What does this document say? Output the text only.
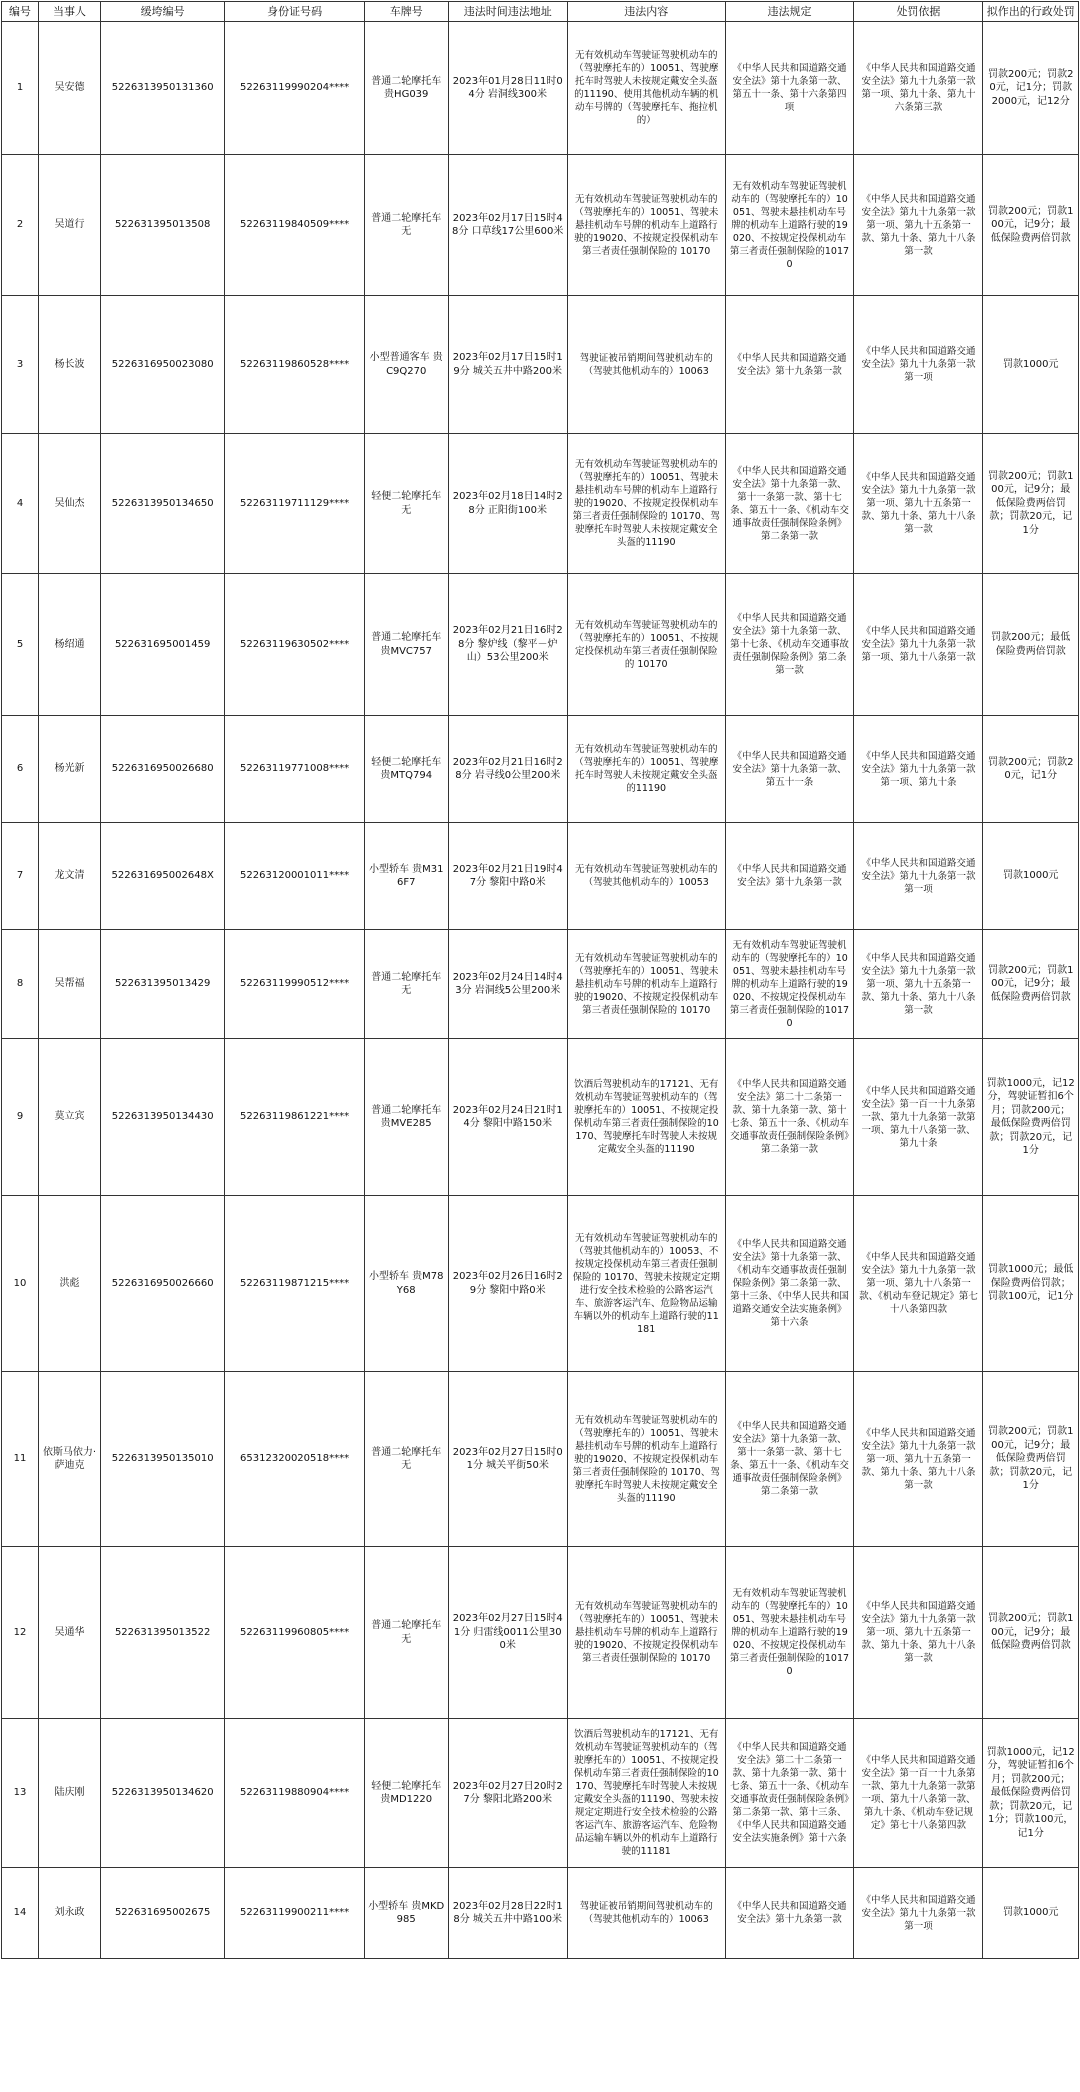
编号	当事人	缓垮编号	身份证号码	车牌号	违法时间违法地址	违法内容	违法规定	处罚依据	拟作出的行政处罚
1	吴安德	522631395013136​0	52263119990204****	普通二轮摩托车 贵HG039	2023年01月28日11时04分 岩洞线300米	无有效机动车驾驶证驾驶机动车的（驾驶摩托车的）10051、驾驶摩托车时驾驶人未按规定戴安全头盔的11190、使用其他机动车辆的机动车号牌的（驾驶摩托车、拖拉机的）	《中华人民共和国道路交通安全法》第十九条第一款、第五十一条、第十六条第四项	《中华人民共和国道路交通安全法》第九十九条第一款第一项、第九十条、第九十六条第三款	罚款200元；罚款20元，记1分；罚款2000元，记12分
2	吴道行	522631395013508	52263119840509****	普通二轮摩托车 无	2023年02月17日15时48分 口草线17公里600米	无有效机动车驾驶证驾驶机动车的（驾驶摩托车的）10051、驾驶未悬挂机动车号牌的机动车上道路行驶的19020、不按规定投保机动车第三者责任强制保险的 10170	无有效机动车驾驶证驾驶机动车的（驾驶摩托车的）10051、驾驶未悬挂机动车号牌的机动车上道路行驶的19020、不按规定投保机动车第三者责任强制保险的10170	《中华人民共和国道路交通安全法》第九十九条第一款第一项、第九十五条第一款、第九十条、第九十八条第一款	罚款200元；罚款100元，记9分；最低保险费两倍罚款
3	杨长波	522631695002308​0	52263119860528****	小型普通客车 贵C9Q270	2023年02月17日15时19分 城关五井中路200米	驾驶证被吊销期间驾驶机动车的（驾驶其他机动车的）10063	《中华人民共和国道路交通安全法》第十九条第一款	《中华人民共和国道路交通安全法》第九十九条第一款第一项	罚款1000元
4	吴仙杰	522631395013465​0	52263119711129****	轻便二轮摩托车 无	2023年02月18日14时28分 正阳街100米	无有效机动车驾驶证驾驶机动车的（驾驶摩托车的）10051、驾驶未悬挂机动车号牌的机动车上道路行驶的19020、不按规定投保机动车第三者责任强制保险的 10170、驾驶摩托车时驾驶人未按规定戴安全头盔的11190	《中华人民共和国道路交通安全法》第十九条第一款、第十一条第一款、第十七条、第五十一条、《机动车交通事故责任强制保险条例》第二条第一款	《中华人民共和国道路交通安全法》第九十九条第一款第一项、第九十五条第一款、第九十条、第九十八条第一款	罚款200元；罚款100元，记9分；最低保险费两倍罚款；罚款20元，记1分
5	杨绍通	522631695001459	52263119630502****	普通二轮摩托车 贵MVC757	2023年02月21日16时28分 黎炉线（黎平－炉山）53公里200米	无有效机动车驾驶证驾驶机动车的（驾驶摩托车的）10051、不按规定投保机动车第三者责任强制保险的 10170	《中华人民共和国道路交通安全法》第十九条第一款、第十七条、《机动车交通事故责任强制保险条例》第二条第一款	《中华人民共和国道路交通安全法》第九十九条第一款第一项、第九十八条第一款	罚款200元；最低保险费两倍罚款
6	杨光新	522631695002668​0	52263119771008****	轻便二轮摩托车 贵MTQ794	2023年02月21日16时28分 岩寻线0公里200米	无有效机动车驾驶证驾驶机动车的（驾驶摩托车的）10051、驾驶摩托车时驾驶人未按规定戴安全头盔的11190	《中华人民共和国道路交通安全法》第十九条第一款、第五十一条	《中华人民共和国道路交通安全法》第九十九条第一款第一项、第九十条	罚款200元；罚款20元，记1分
7	龙文清	522631695002648X	52263120001011****	小型轿车 贵M316F7	2023年02月21日19时47分 黎阳中路0米	无有效机动车驾驶证驾驶机动车的（驾驶其他机动车的）10053	《中华人民共和国道路交通安全法》第十九条第一款	《中华人民共和国道路交通安全法》第九十九条第一款第一项	罚款1000元
8	吴帮福	522631395013429	52263119990512****	普通二轮摩托车 无	2023年02月24日14时43分 岩洞线5公里200米	无有效机动车驾驶证驾驶机动车的（驾驶摩托车的）10051、驾驶未悬挂机动车号牌的机动车上道路行驶的19020、不按规定投保机动车第三者责任强制保险的 10170	无有效机动车驾驶证驾驶机动车的（驾驶摩托车的）10051、驾驶未悬挂机动车号牌的机动车上道路行驶的19020、不按规定投保机动车第三者责任强制保险的10170	《中华人民共和国道路交通安全法》第九十九条第一款第一项、第九十五条第一款、第九十条、第九十八条第一款	罚款200元；罚款100元，记9分；最低保险费两倍罚款
9	莫立宾	522631395013443​0	52263119861221****	普通二轮摩托车 贵MVE285	2023年02月24日21时14分 黎阳中路150米	饮酒后驾驶机动车的17121、无有效机动车驾驶证驾驶机动车的（驾驶摩托车的）10051、不按规定投保机动车第三者责任强制保险的10170、驾驶摩托车时驾驶人未按规定戴安全头盔的11190	《中华人民共和国道路交通安全法》第二十二条第一款、第十九条第一款、第十七条、第五十一条、《机动车交通事故责任强制保险条例》第二条第一款	《中华人民共和国道路交通安全法》第一百一十九条第一款、第九十九条第一款第一项、第九十八条第一款、第九十条	罚款1000元，记12分，驾驶证暂扣6个月；罚款200元；最低保险费两倍罚款；罚款20元，记1分
10	洪彪	522631695002666​0	52263119871215****	小型轿车 贵M78Y68	2023年02月26日16时29分 黎阳中路0米	无有效机动车驾驶证驾驶机动车的（驾驶其他机动车的）10053、不按规定投保机动车第三者责任强制保险的 10170、驾驶未按规定定期进行安全技术检验的公路客运汽车、旅游客运汽车、危险物品运输车辆以外的机动车上道路行驶的11181	《中华人民共和国道路交通安全法》第十九条第一款、《机动车交通事故责任强制保险条例》第二条第一款、第十三条、《中华人民共和国道路交通安全法实施条例》第十六条	《中华人民共和国道路交通安全法》第九十九条第一款第一项、第九十八条第一款、《机动车登记规定》第七十八条第四款	罚款1000元；最低保险费两倍罚款；罚款100元，记1分
11	依斯马依力·萨迪克	522631395013501​0	65312320020518****	普通二轮摩托车 无	2023年02月27日15时01分 城关平街50米	无有效机动车驾驶证驾驶机动车的（驾驶摩托车的）10051、驾驶未悬挂机动车号牌的机动车上道路行驶的19020、不按规定投保机动车第三者责任强制保险的 10170、驾驶摩托车时驾驶人未按规定戴安全头盔的11190	《中华人民共和国道路交通安全法》第十九条第一款、第十一条第一款、第十七条、第五十一条、《机动车交通事故责任强制保险条例》第二条第一款	《中华人民共和国道路交通安全法》第九十九条第一款第一项、第九十五条第一款、第九十条、第九十八条第一款	罚款200元；罚款100元，记9分；最低保险费两倍罚款；罚款20元，记1分
12	吴通华	522631395013522	52263119960805****	普通二轮摩托车 无	2023年02月27日15时41分 归雷线0011公里300米	无有效机动车驾驶证驾驶机动车的（驾驶摩托车的）10051、驾驶未悬挂机动车号牌的机动车上道路行驶的19020、不按规定投保机动车第三者责任强制保险的 10170	无有效机动车驾驶证驾驶机动车的（驾驶摩托车的）10051、驾驶未悬挂机动车号牌的机动车上道路行驶的19020、不按规定投保机动车第三者责任强制保险的10170	《中华人民共和国道路交通安全法》第九十九条第一款第一项、第九十五条第一款、第九十条、第九十八条第一款	罚款200元；罚款100元，记9分；最低保险费两倍罚款
13	陆庆刚	522631395013462​0	52263119880904****	轻便二轮摩托车 贵MD1220	2023年02月27日20时27分 黎阳北路200米	饮酒后驾驶机动车的17121、无有效机动车驾驶证驾驶机动车的（驾驶摩托车的）10051、不按规定投保机动车第三者责任强制保险的10170、驾驶摩托车时驾驶人未按规定戴安全头盔的11190、驾驶未按规定定期进行安全技术检验的公路客运汽车、旅游客运汽车、危险物品运输车辆以外的机动车上道路行驶的11181	《中华人民共和国道路交通安全法》第二十二条第一款、第十九条第一款、第十七条、第五十一条、《机动车交通事故责任强制保险条例》第二条第一款、第十三条、《中华人民共和国道路交通安全法实施条例》第十六条	《中华人民共和国道路交通安全法》第一百一十九条第一款、第九十九条第一款第一项、第九十八条第一款、第九十条、《机动车登记规定》第七十八条第四款	罚款1000元，记12分，驾驶证暂扣6个月；罚款200元；最低保险费两倍罚款；罚款20元，记1分；罚款100元，记1分
14	刘永政	522631695002675	52263119900211****	小型轿车 贵MKD985	2023年02月28日22时18分 城关五井中路100米	驾驶证被吊销期间驾驶机动车的（驾驶其他机动车的）10063	《中华人民共和国道路交通安全法》第十九条第一款	《中华人民共和国道路交通安全法》第九十九条第一款第一项	罚款1000元
